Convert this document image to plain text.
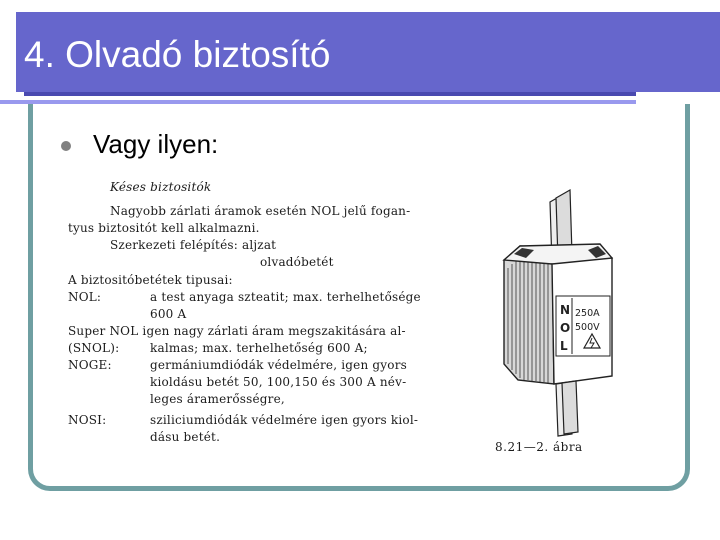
4. Olvadó biztosító
Vagy ilyen:
Késes biztositók
Nagyobb zárlati áramok esetén NOL jelű fogan-
tyus biztositót kell alkalmazni.
Szerkezeti felépítés: aljzat
olvadóbetét
A biztositóbetétek tipusai:
NOL:	a test anyaga szteatit; max. terhelhetősége
600 A
Super NOL igen nagy zárlati áram megszakitására al-
(SNOL):	kalmas; max. terhelhetőség 600 A;
NOGE:	germániumdiódák védelmére, igen gyors
kioldásu betét 50, 100,150 és 300 A név-
leges áramerősségre,
NOSI:	sziliciumdiódák védelmére igen gyors kiol-
dásu betét.
N
O
L
250A
500V
8.21—2. ábra
